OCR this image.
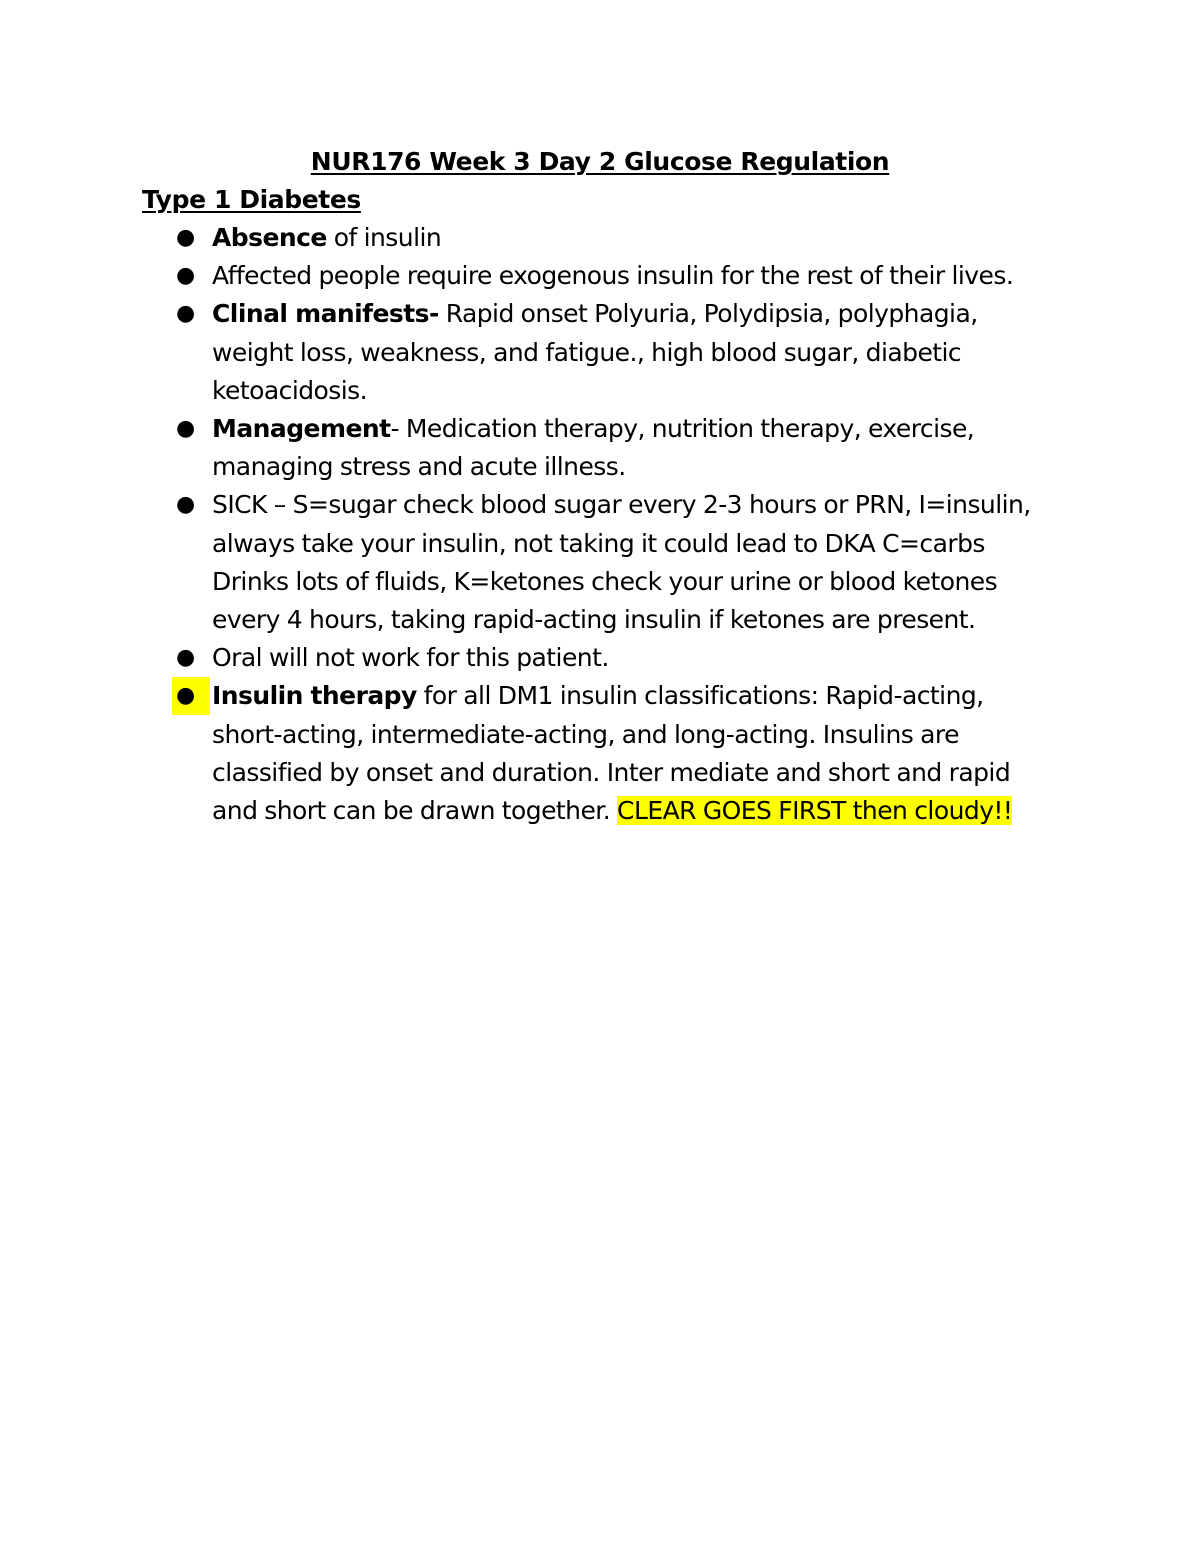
NUR176 Week 3 Day 2 Glucose Regulation
Type 1 Diabetes
● Absence of insulin
● Affected people require exogenous insulin for the rest of their lives.
● Clinal manifests- Rapid onset Polyuria, Polydipsia, polyphagia, weight loss, weakness, and fatigue., high blood sugar, diabetic ketoacidosis.
● Management- Medication therapy, nutrition therapy, exercise, managing stress and acute illness.
● SICK – S=sugar check blood sugar every 2-3 hours or PRN, I=insulin, always take your insulin, not taking it could lead to DKA C=carbs Drinks lots of fluids, K=ketones check your urine or blood ketones every 4 hours, taking rapid-acting insulin if ketones are present.
● Oral will not work for this patient.
● Insulin therapy for all DM1 insulin classifications: Rapid-acting, short-acting, intermediate-acting, and long-acting. Insulins are classified by onset and duration. Inter mediate and short and rapid and short can be drawn together. CLEAR GOES FIRST then cloudy!!
